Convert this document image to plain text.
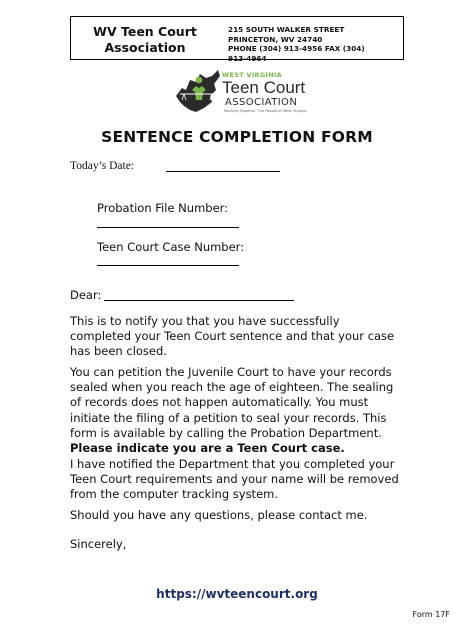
WV Teen Court
Association
215 SOUTH WALKER STREET
PRINCETON, WV 24740
PHONE (304) 913-4956 FAX (304)
913-4964
WEST VIRGINIA
Teen Court
ASSOCIATION
Working Together. The People of West Virginia.
SENTENCE COMPLETION FORM
Today’s Date:
Probation File Number:
Teen Court Case Number:
Dear:
This is to notify you that you have successfully completed your Teen Court sentence and that your case has been closed.
You can petition the Juvenile Court to have your records sealed when you reach the age of eighteen. The sealing of records does not happen automatically. You must initiate the filing of a petition to seal your records. This form is available by calling the Probation Department. Please indicate you are a Teen Court case.
I have notified the Department that you completed your Teen Court requirements and your name will be removed from the computer tracking system.
Should you have any questions, please contact me.
Sincerely,
https://wvteencourt.org
Form 17F
